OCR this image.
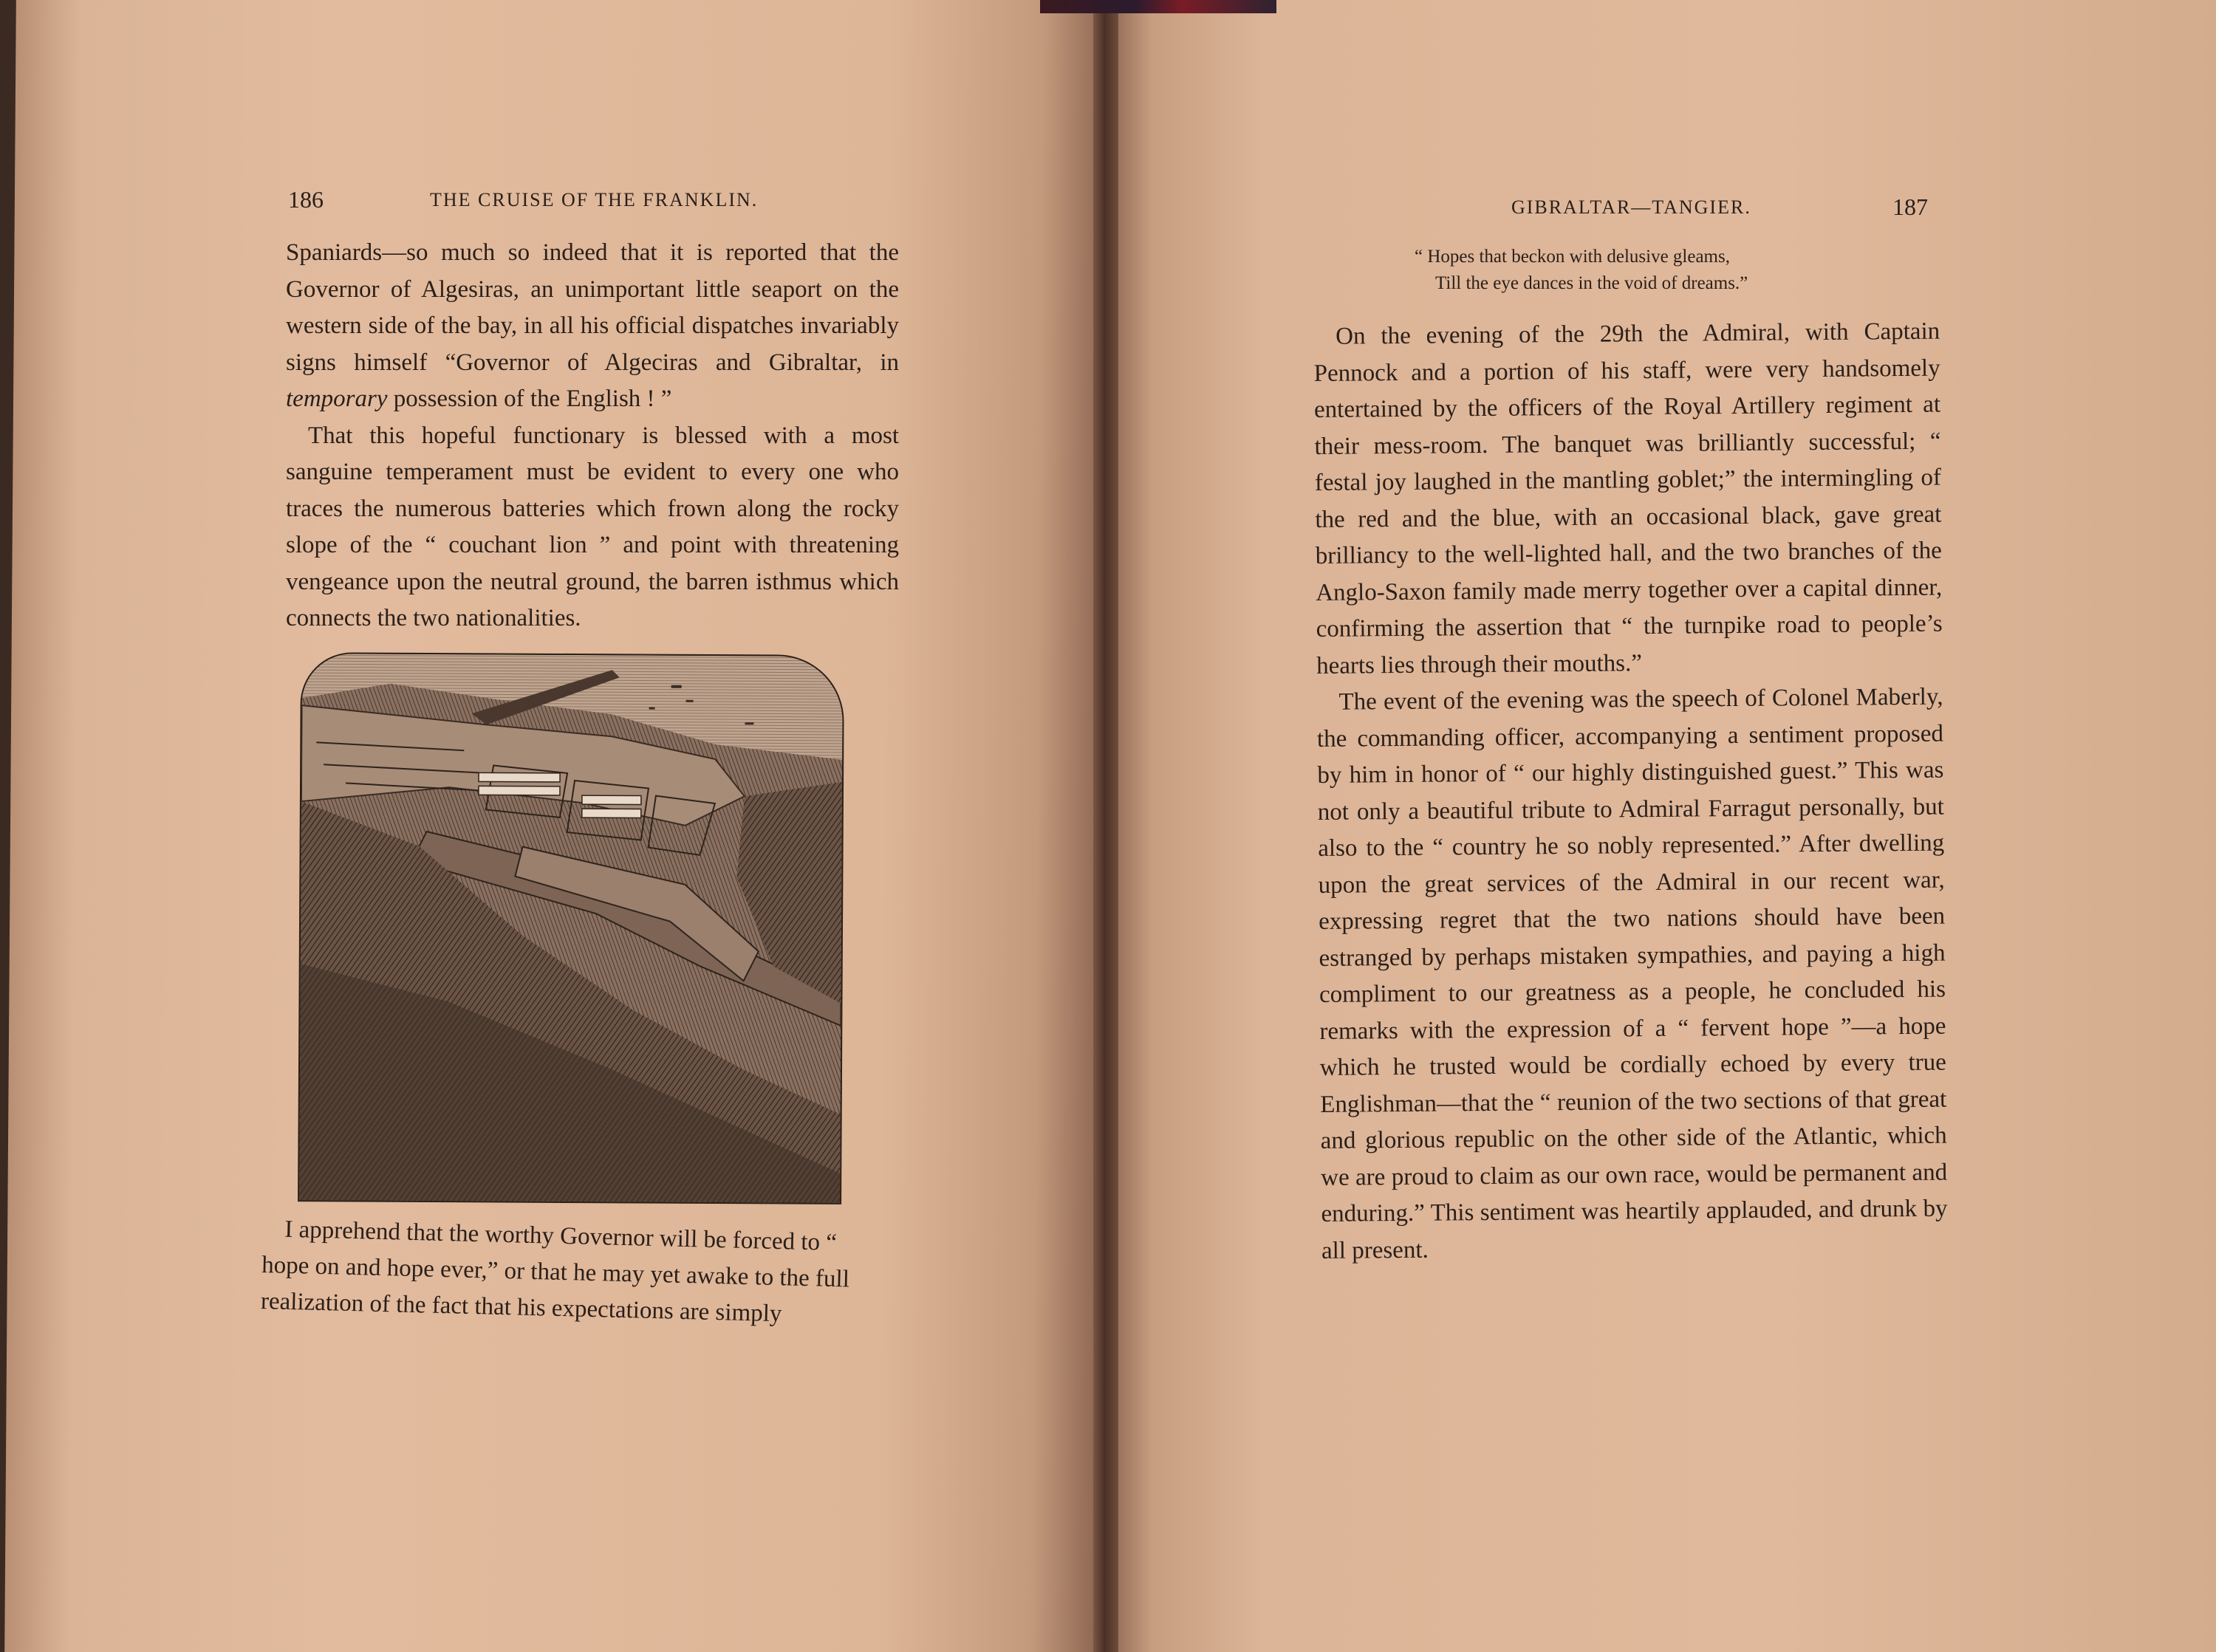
186	THE CRUISE OF THE FRANKLIN.

Spaniards—so much so indeed that it is reported that the Governor of Algesiras, an unimportant little seaport on the western side of the bay, in all his official dispatches invariably signs himself “Governor of Algeciras and Gibraltar, in temporary possession of the English ! ”

That this hopeful functionary is blessed with a most sanguine temperament must be evident to every one who traces the numerous batteries which frown along the rocky slope of the “ couchant lion ” and point with threatening vengeance upon the neutral ground, the barren isthmus which connects the two nationalities.

I apprehend that the worthy Governor will be forced to “ hope on and hope ever,” or that he may yet awake to the full realization of the fact that his expectations are simply

GIBRALTAR—TANGIER.	187
“ Hopes that beckon with delusive gleams,
Till the eye dances in the void of dreams.”

On the evening of the 29th the Admiral, with Captain Pennock and a portion of his staff, were very handsomely entertained by the officers of the Royal Artillery regiment at their mess-room. The banquet was brilliantly successful; “ festal joy laughed in the mantling goblet;” the intermingling of the red and the blue, with an occasional black, gave great brilliancy to the well-lighted hall, and the two branches of the Anglo-Saxon family made merry together over a capital dinner, confirming the assertion that “ the turnpike road to people’s hearts lies through their mouths.”

The event of the evening was the speech of Colonel Maberly, the commanding officer, accompanying a sentiment proposed by him in honor of “ our highly distinguished guest.” This was not only a beautiful tribute to Admiral Farragut personally, but also to the “ country he so nobly represented.” After dwelling upon the great services of the Admiral in our recent war, expressing regret that the two nations should have been estranged by perhaps mistaken sympathies, and paying a high compliment to our greatness as a people, he concluded his remarks with the expression of a “ fervent hope ”—a hope which he trusted would be cordially echoed by every true Englishman—that the “ reunion of the two sections of that great and glorious republic on the other side of the Atlantic, which we are proud to claim as our own race, would be permanent and enduring.” This sentiment was heartily applauded, and drunk by all present.
